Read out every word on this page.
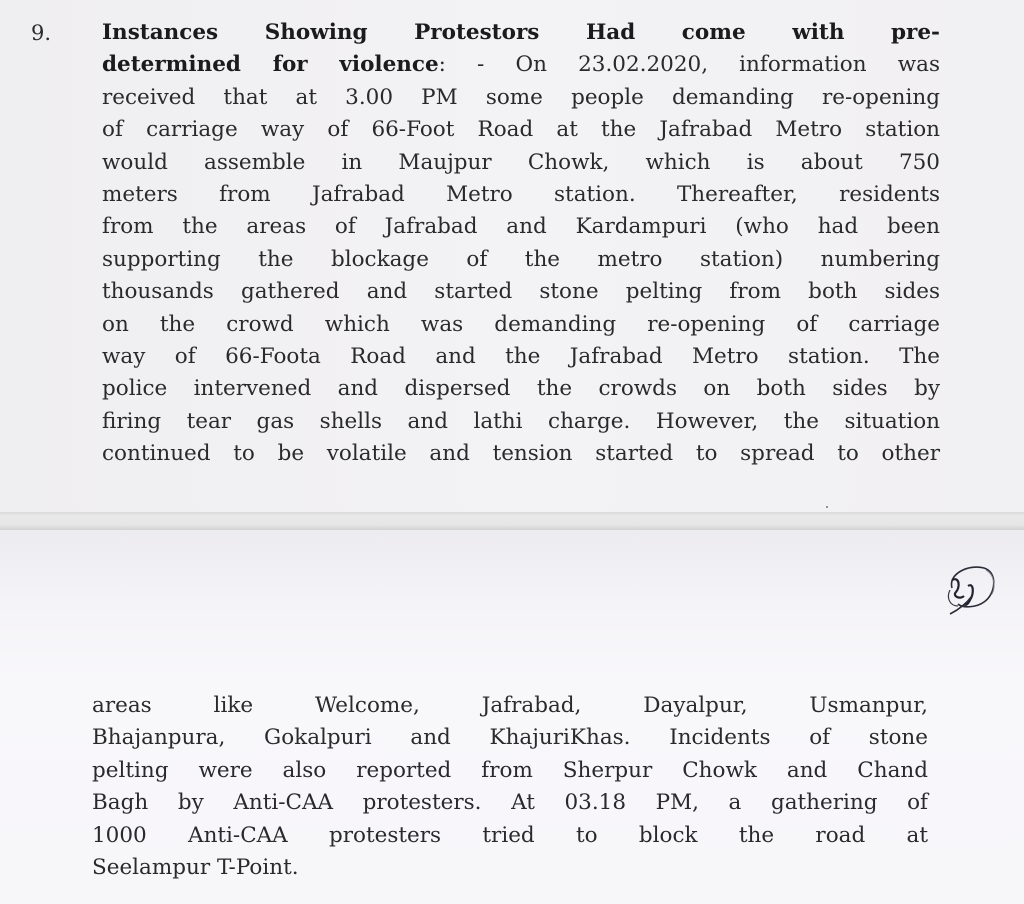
9. Instances Showing Protestors Had come with pre-
determined for violence: - On 23.02.2020, information was
received that at 3.00 PM some people demanding re-opening
of carriage way of 66-Foot Road at the Jafrabad Metro station
would assemble in Maujpur Chowk, which is about 750
meters from Jafrabad Metro station. Thereafter, residents
from the areas of Jafrabad and Kardampuri (who had been
supporting the blockage of the metro station) numbering
thousands gathered and started stone pelting from both sides
on the crowd which was demanding re-opening of carriage
way of 66-Foota Road and the Jafrabad Metro station. The
police intervened and dispersed the crowds on both sides by
firing tear gas shells and lathi charge. However, the situation
continued to be volatile and tension started to spread to other
areas like Welcome, Jafrabad, Dayalpur, Usmanpur,
Bhajanpura, Gokalpuri and KhajuriKhas. Incidents of stone
pelting were also reported from Sherpur Chowk and Chand
Bagh by Anti-CAA protesters. At 03.18 PM, a gathering of
1000 Anti-CAA protesters tried to block the road at
Seelampur T-Point.
